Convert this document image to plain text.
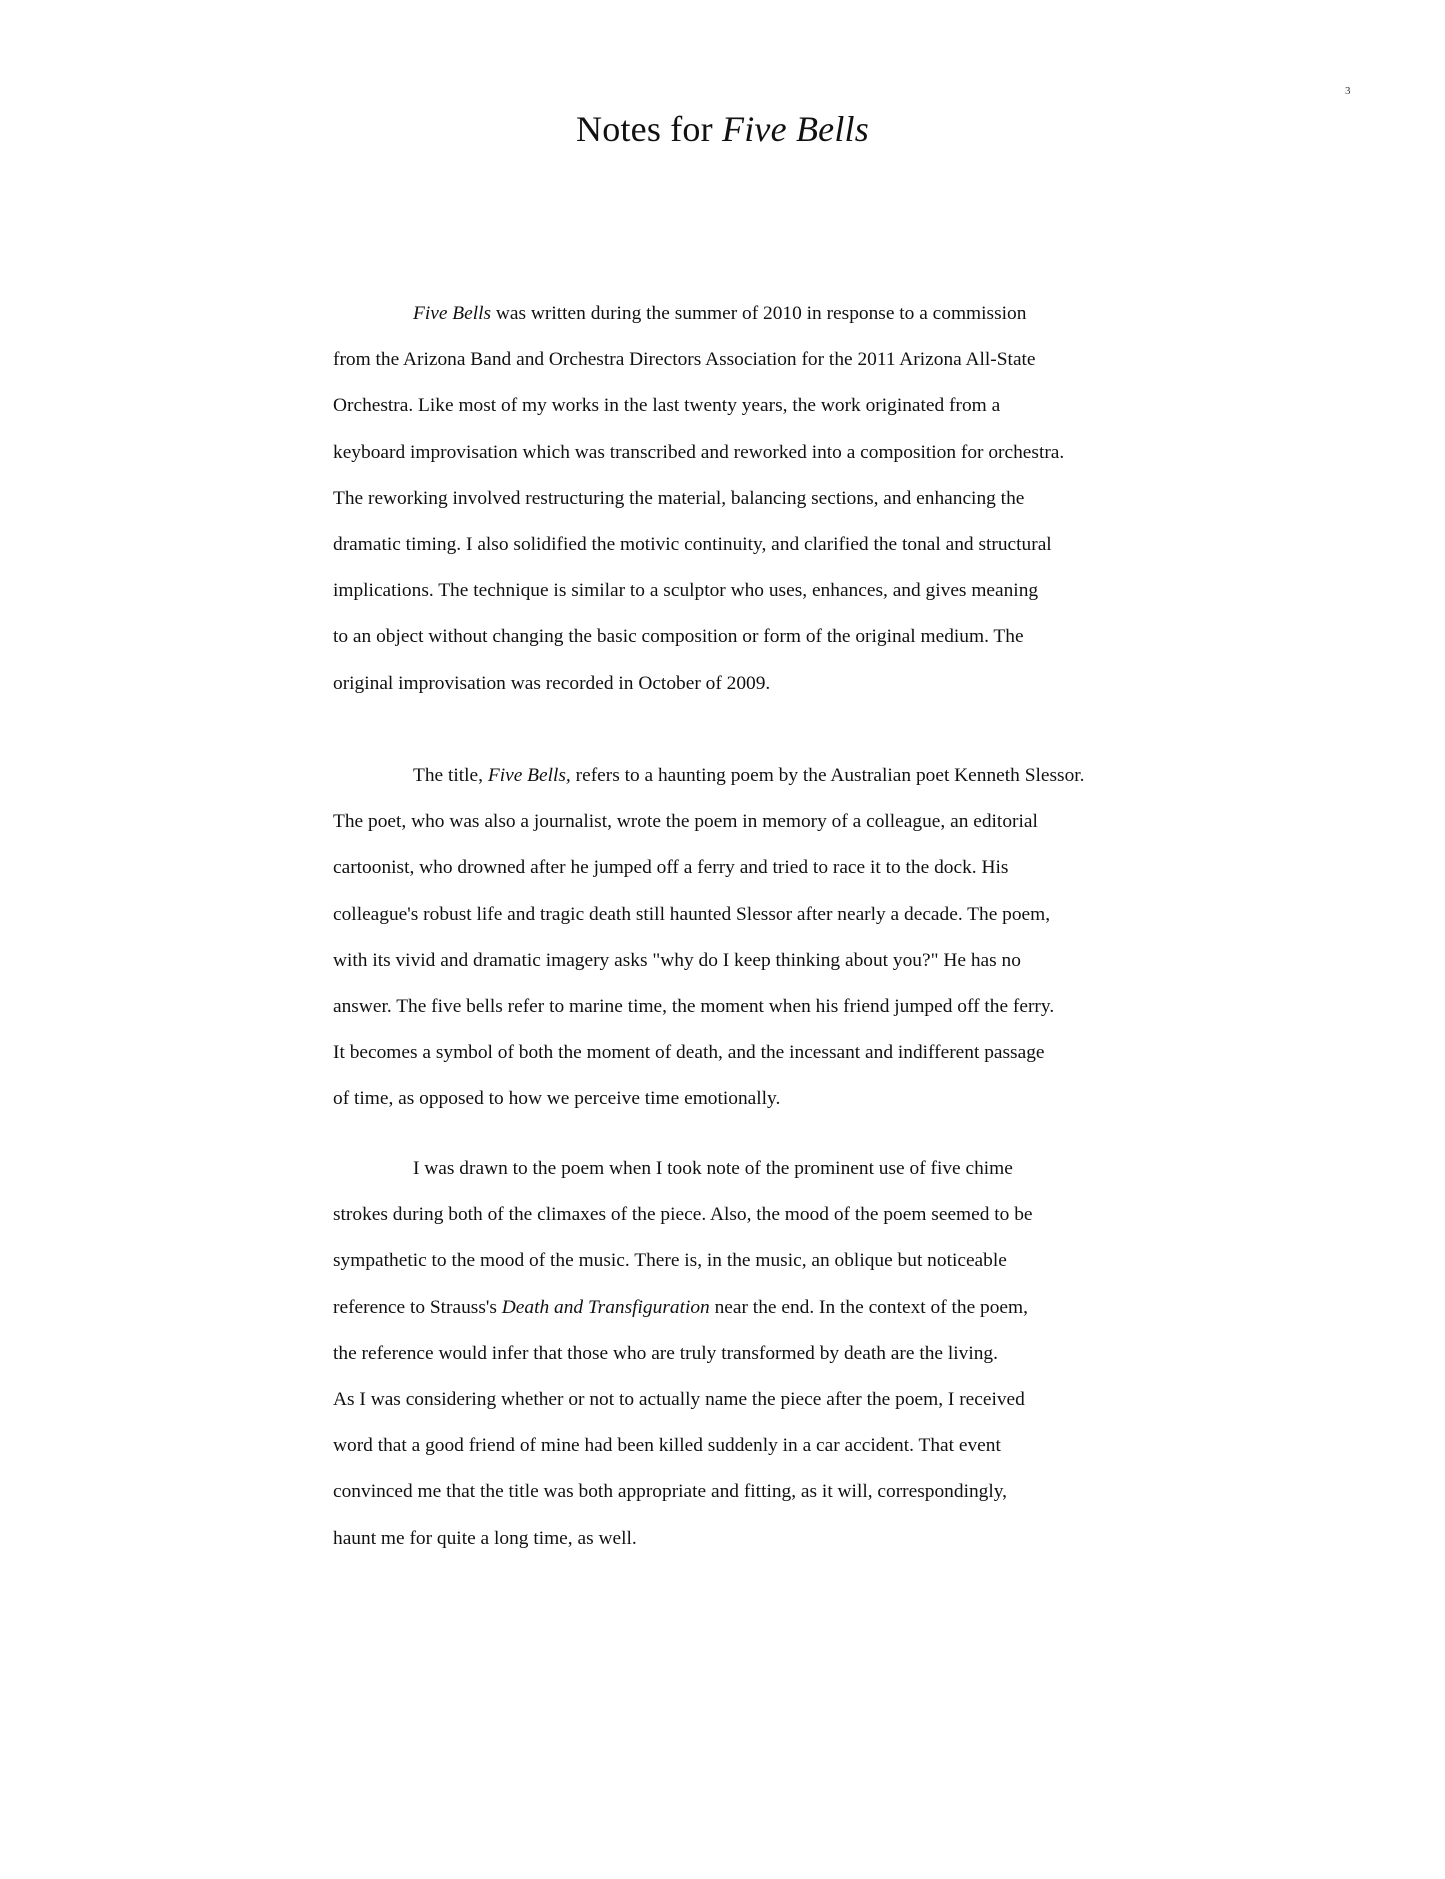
3
Notes for Five Bells
Five Bells was written during the summer of 2010 in response to a commission
from the Arizona Band and Orchestra Directors Association for the 2011 Arizona All-State
Orchestra. Like most of my works in the last twenty years, the work originated from a
keyboard improvisation which was transcribed and reworked into a composition for orchestra.
The reworking involved restructuring the material, balancing sections, and enhancing the
dramatic timing. I also solidified the motivic continuity, and clarified the tonal and structural
implications. The technique is similar to a sculptor who uses, enhances, and gives meaning
to an object without changing the basic composition or form of the original medium. The
original improvisation was recorded in October of 2009.
The title, Five Bells, refers to a haunting poem by the Australian poet Kenneth Slessor.
The poet, who was also a journalist, wrote the poem in memory of a colleague, an editorial
cartoonist, who drowned after he jumped off a ferry and tried to race it to the dock. His
colleague's robust life and tragic death still haunted Slessor after nearly a decade. The poem,
with its vivid and dramatic imagery asks "why do I keep thinking about you?" He has no
answer. The five bells refer to marine time, the moment when his friend jumped off the ferry.
It becomes a symbol of both the moment of death, and the incessant and indifferent passage
of time, as opposed to how we perceive time emotionally.
I was drawn to the poem when I took note of the prominent use of five chime
strokes during both of the climaxes of the piece. Also, the mood of the poem seemed to be
sympathetic to the mood of the music. There is, in the music, an oblique but noticeable
reference to Strauss's Death and Transfiguration near the end. In the context of the poem,
the reference would infer that those who are truly transformed by death are the living.
As I was considering whether or not to actually name the piece after the poem, I received
word that a good friend of mine had been killed suddenly in a car accident. That event
convinced me that the title was both appropriate and fitting, as it will, correspondingly,
haunt me for quite a long time, as well.
